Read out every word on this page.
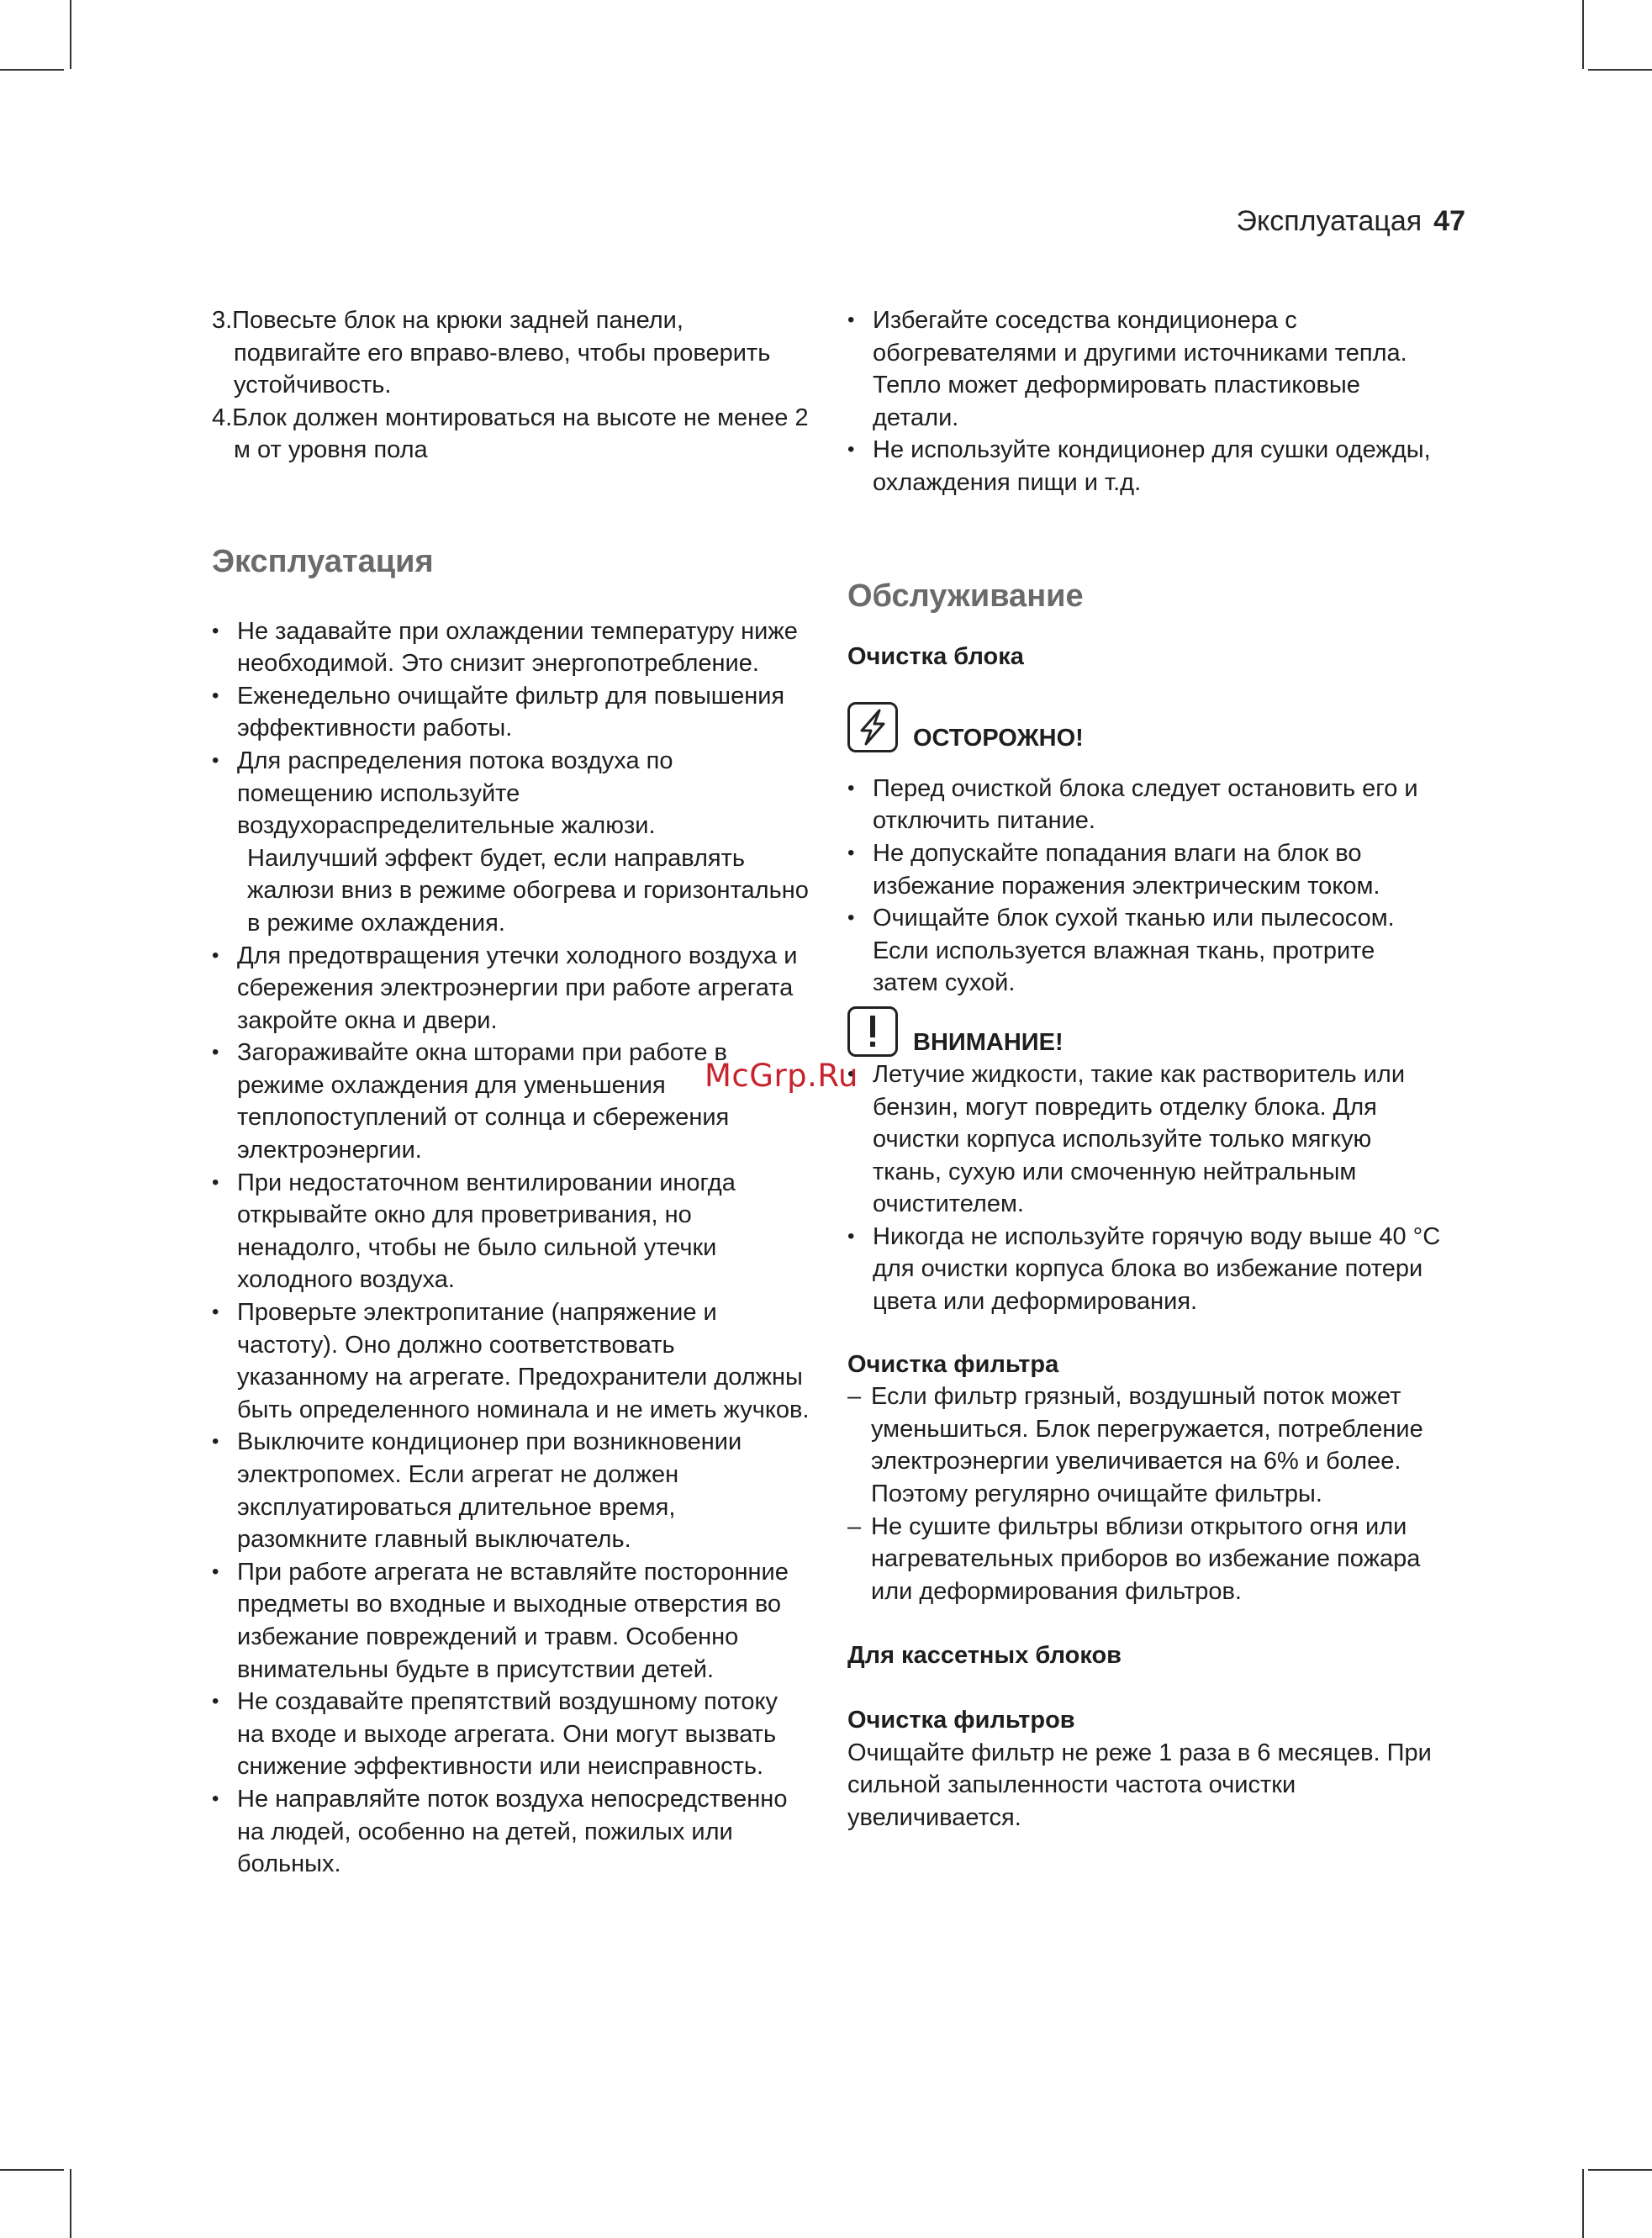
Эксплуатацая 47
3.Повесьте блок на крюки задней панели, подвигайте его вправо-влево, чтобы проверить устойчивость.
4.Блок должен монтироваться на высоте не менее 2 м от уровня пола
Эксплуатация
• Не задавайте при охлаждении температуру ниже необходимой. Это снизит энергопотребление.
• Еженедельно очищайте фильтр для повышения эффективности работы.
• Для распределения потока воздуха по помещению используйте воздухораспределительные жалюзи.
Наилучший эффект будет, если направлять жалюзи вниз в режиме обогрева и горизонтально в режиме охлаждения.
• Для предотвращения утечки холодного воздуха и сбережения электроэнергии при работе агрегата закройте окна и двери.
• Загораживайте окна шторами при работе в режиме охлаждения для уменьшения теплопоступлений от солнца и сбережения электроэнергии.
• При недостаточном вентилировании иногда открывайте окно для проветривания, но ненадолго, чтобы не было сильной утечки холодного воздуха.
• Проверьте электропитание (напряжение и частоту). Оно должно соответствовать указанному на агрегате. Предохранители должны быть определенного номинала и не иметь жучков.
• Выключите кондиционер при возникновении электропомех. Если агрегат не должен эксплуатироваться длительное время, разомкните главный выключатель.
• При работе агрегата не вставляйте посторонние предметы во входные и выходные отверстия во избежание повреждений и травм. Особенно внимательны будьте в присутствии детей.
• Не создавайте препятствий воздушному потоку на входе и выходе агрегата. Они могут вызвать снижение эффективности или неисправность.
• Не направляйте поток воздуха непосредственно на людей, особенно на детей, пожилых или больных.
• Избегайте соседства кондиционера с обогревателями и другими источниками тепла. Тепло может деформировать пластиковые детали.
• Не используйте кондиционер для сушки одежды, охлаждения пищи и т.д.
Обслуживание
Очистка блока
ОСТОРОЖНО!
• Перед очисткой блока следует остановить его и отключить питание.
• Не допускайте попадания влаги на блок во избежание поражения электрическим током.
• Очищайте блок сухой тканью или пылесосом. Если используется влажная ткань, протрите затем сухой.
ВНИМАНИЕ!
• Летучие жидкости, такие как растворитель или бензин, могут повредить отделку блока. Для очистки корпуса используйте только мягкую ткань, сухую или смоченную нейтральным очистителем.
• Никогда не используйте горячую воду выше 40 °С для очистки корпуса блока во избежание потери цвета или деформирования.
Очистка фильтра
– Если фильтр грязный, воздушный поток может уменьшиться. Блок перегружается, потребление электроэнергии увеличивается на 6% и более. Поэтому регулярно очищайте фильтры.
– Не сушите фильтры вблизи открытого огня или нагревательных приборов во избежание пожара или деформирования фильтров.
Для кассетных блоков
Очистка фильтров

Очищайте фильтр не реже 1 раза в 6 месяцев. При сильной запыленности частота очистки увеличивается.

McGrp.Ru
